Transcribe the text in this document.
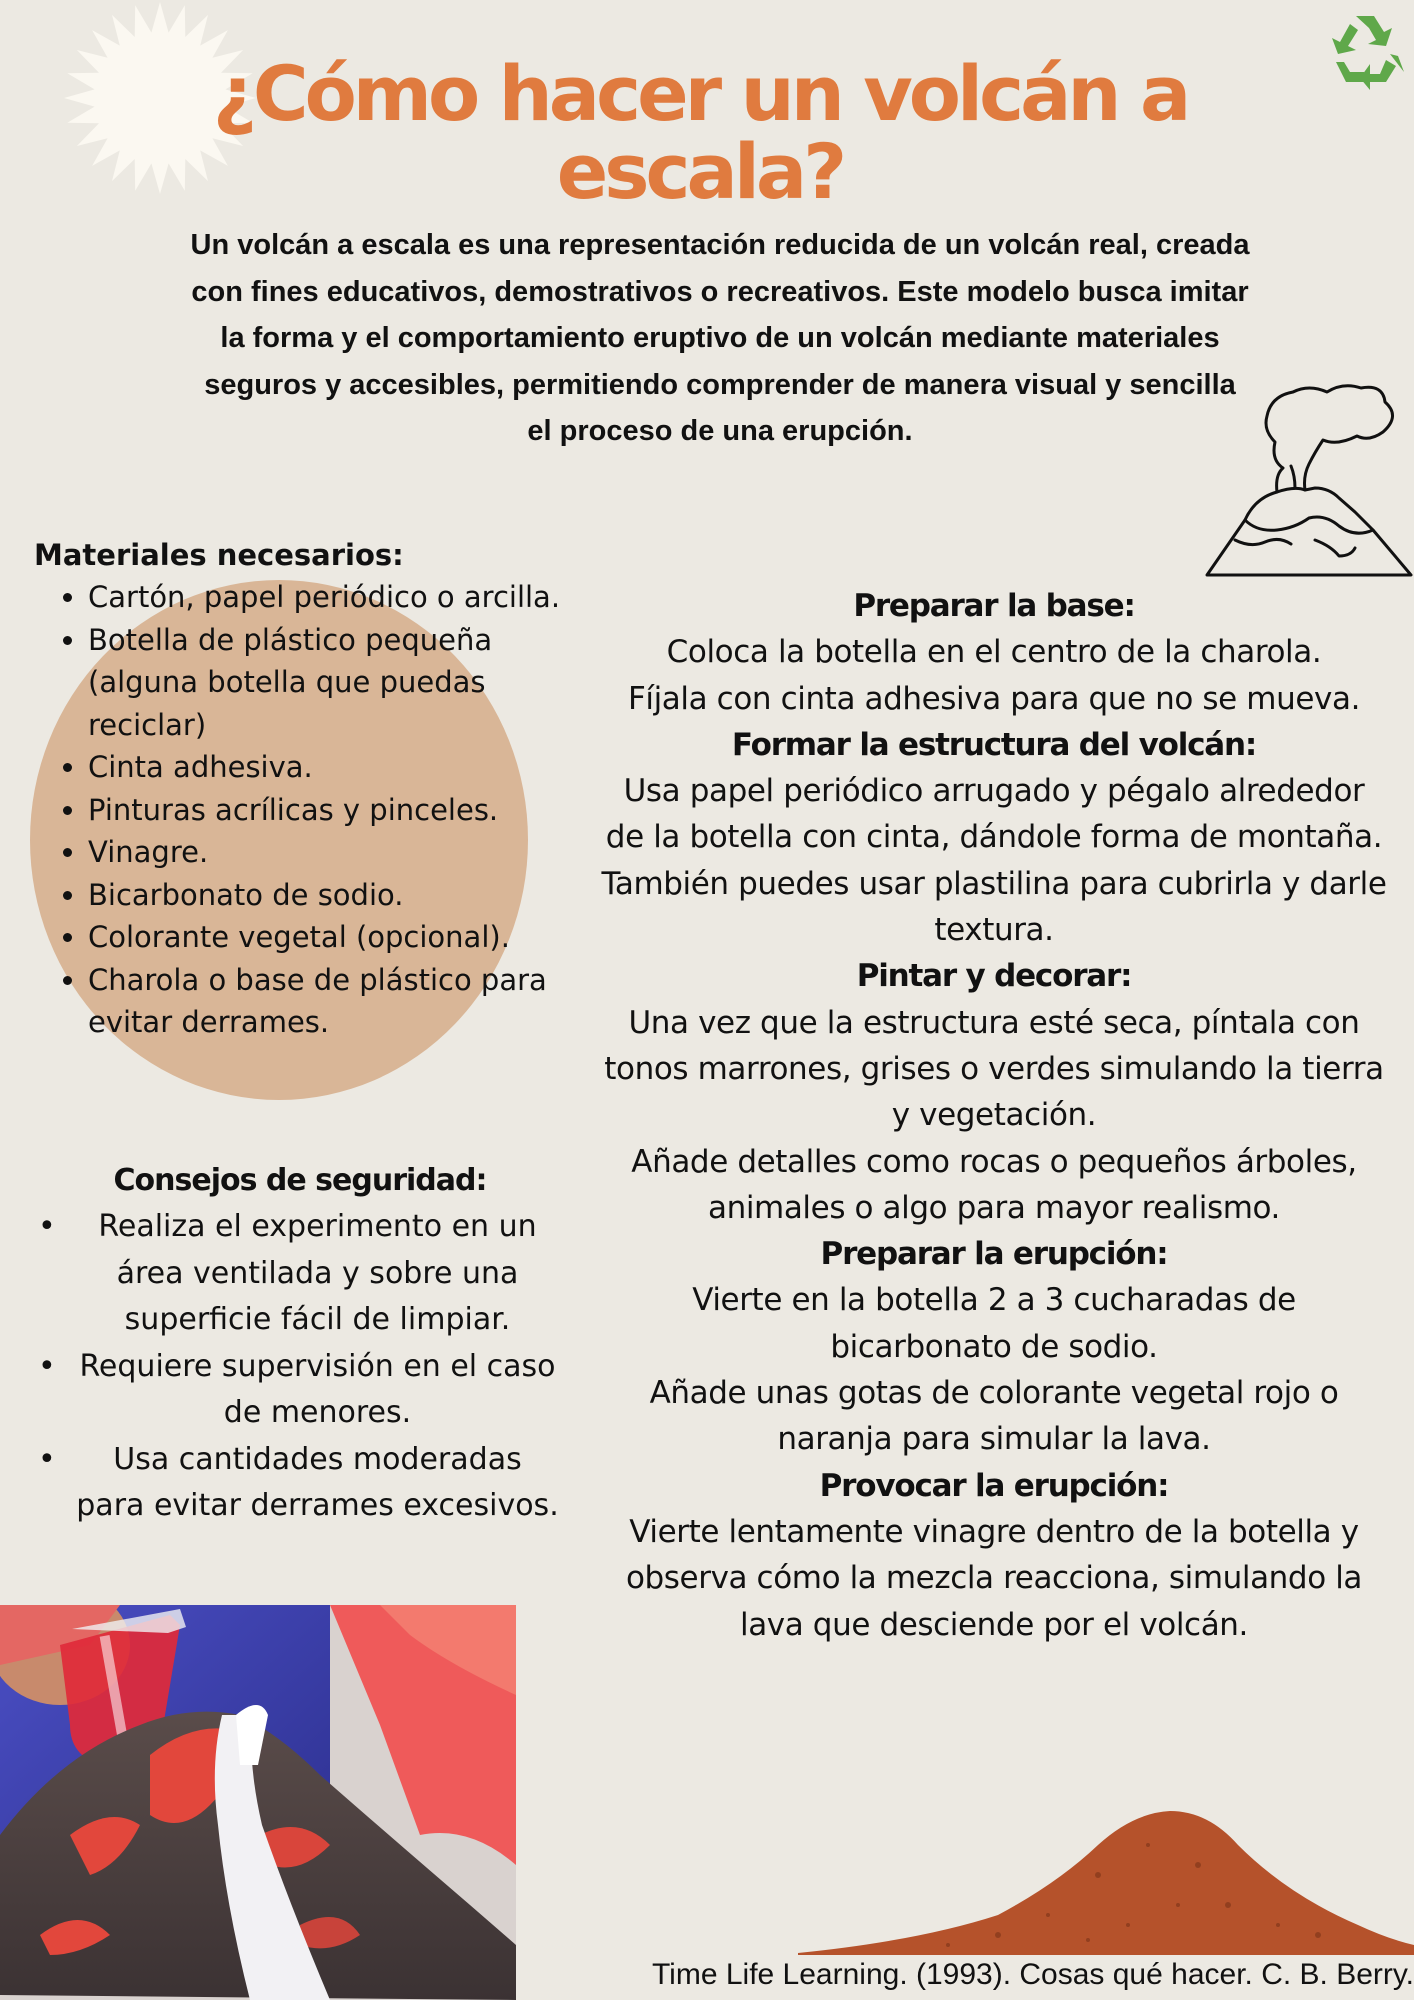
¿Cómo hacer un volcán a escala?

Un volcán a escala es una representación reducida de un volcán real, creada con fines educativos, demostrativos o recreativos. Este modelo busca imitar la forma y el comportamiento eruptivo de un volcán mediante materiales seguros y accesibles, permitiendo comprender de manera visual y sencilla el proceso de una erupción.

Materiales necesarios:
• Cartón, papel periódico o arcilla.
• Botella de plástico pequeña (alguna botella que puedas reciclar)
• Cinta adhesiva.
• Pinturas acrílicas y pinceles.
• Vinagre.
• Bicarbonato de sodio.
• Colorante vegetal (opcional).
• Charola o base de plástico para evitar derrames.
Consejos de seguridad:
• Realiza el experimento en un área ventilada y sobre una superficie fácil de limpiar.
• Requiere supervisión en el caso de menores.
• Usa cantidades moderadas para evitar derrames excesivos.
Preparar la base:
Coloca la botella en el centro de la charola.
Fíjala con cinta adhesiva para que no se mueva.
Formar la estructura del volcán:
Usa papel periódico arrugado y pégalo alrededor de la botella con cinta, dándole forma de montaña.
También puedes usar plastilina para cubrirla y darle textura.
Pintar y decorar:
Una vez que la estructura esté seca, píntala con tonos marrones, grises o verdes simulando la tierra y vegetación.
Añade detalles como rocas o pequeños árboles, animales o algo para mayor realismo.
Preparar la erupción:
Vierte en la botella 2 a 3 cucharadas de bicarbonato de sodio.
Añade unas gotas de colorante vegetal rojo o naranja para simular la lava.
Provocar la erupción:
Vierte lentamente vinagre dentro de la botella y observa cómo la mezcla reacciona, simulando la lava que desciende por el volcán.
Time Life Learning. (1993). Cosas qué hacer. C. B. Berry.
